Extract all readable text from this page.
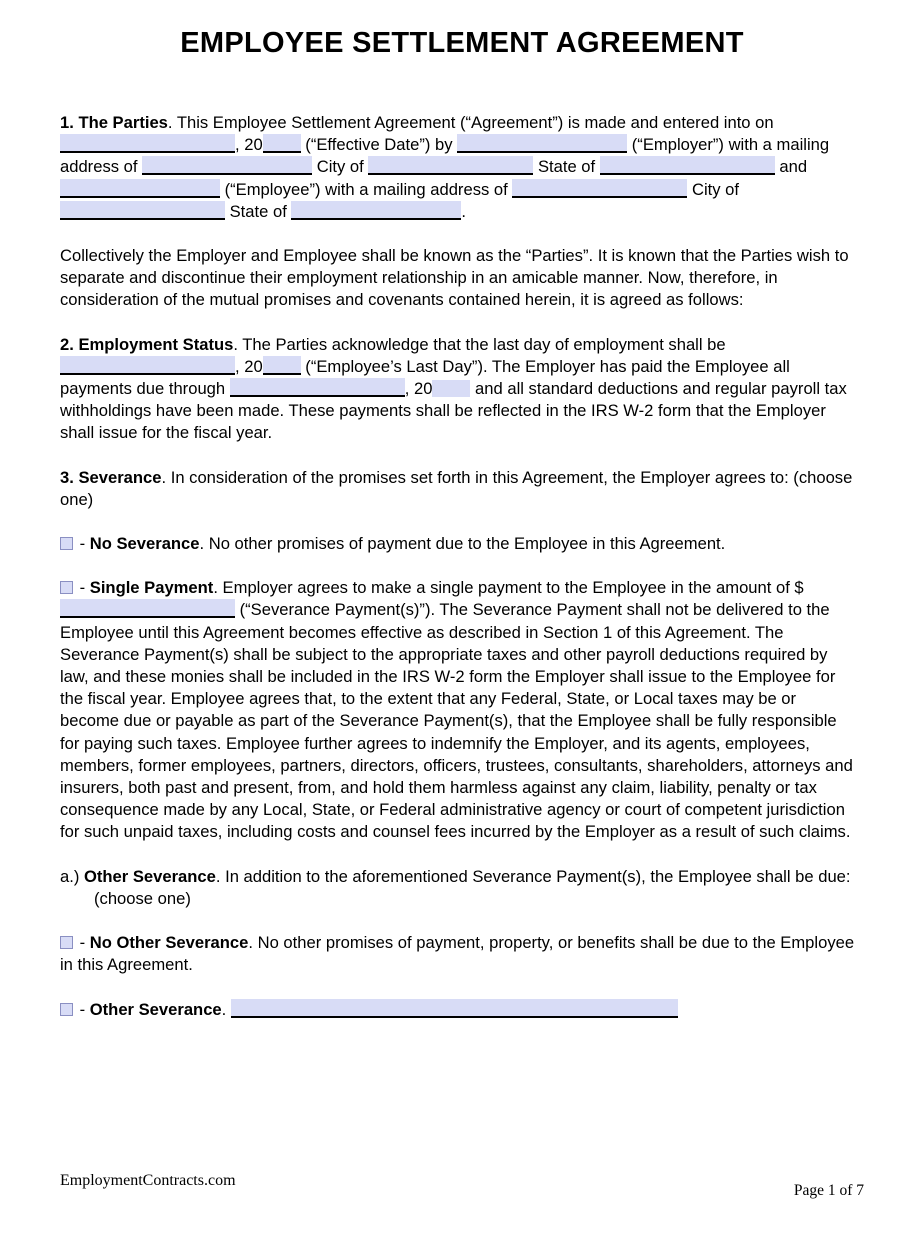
EMPLOYEE SETTLEMENT AGREEMENT

1. The Parties. This Employee Settlement Agreement (“Agreement”) is made and entered into on , 20 (“Effective Date”) by	(“Employer”) with a mailing address of	City of	State of	and  (“Employee”) with a mailing address of	City of  State of	.

Collectively the Employer and Employee shall be known as the “Parties”. It is known that the Parties wish to separate and discontinue their employment relationship in an amicable manner. Now, therefore, in consideration of the mutual promises and covenants contained herein, it is agreed as follows:

2. Employment Status. The Parties acknowledge that the last day of employment shall be , 20 (“Employee’s Last Day”). The Employer has paid the Employee all payments due through	, 20 and all standard deductions and regular payroll tax withholdings have been made. These payments shall be reflected in the IRS W-2 form that the Employer shall issue for the fiscal year.

3. Severance. In consideration of the promises set forth in this Agreement, the Employer agrees to: (choose one)

- No Severance. No other promises of payment due to the Employee in this Agreement.

- Single Payment. Employer agrees to make a single payment to the Employee in the amount of $ (“Severance Payment(s)”). The Severance Payment shall not be delivered to the Employee until this Agreement becomes effective as described in Section 1 of this Agreement. The Severance Payment(s) shall be subject to the appropriate taxes and other payroll deductions required by law, and these monies shall be included in the IRS W-2 form the Employer shall issue to the Employee for the fiscal year. Employee agrees that, to the extent that any Federal, State, or Local taxes may be or become due or payable as part of the Severance Payment(s), that the Employee shall be fully responsible for paying such taxes. Employee further agrees to indemnify the Employer, and its agents, employees, members, former employees, partners, directors, officers, trustees, consultants, shareholders, attorneys and insurers, both past and present, from, and hold them harmless against any claim, liability, penalty or tax consequence made by any Local, State, or Federal administrative agency or court of competent jurisdiction for such unpaid taxes, including costs and counsel fees incurred by the Employer as a result of such claims.

a.) Other Severance. In addition to the aforementioned Severance Payment(s), the Employee shall be due: (choose one)

- No Other Severance. No other promises of payment, property, or benefits shall be due to the Employee in this Agreement.

- Other Severance.

EmploymentContracts.com
Page 1 of 7
